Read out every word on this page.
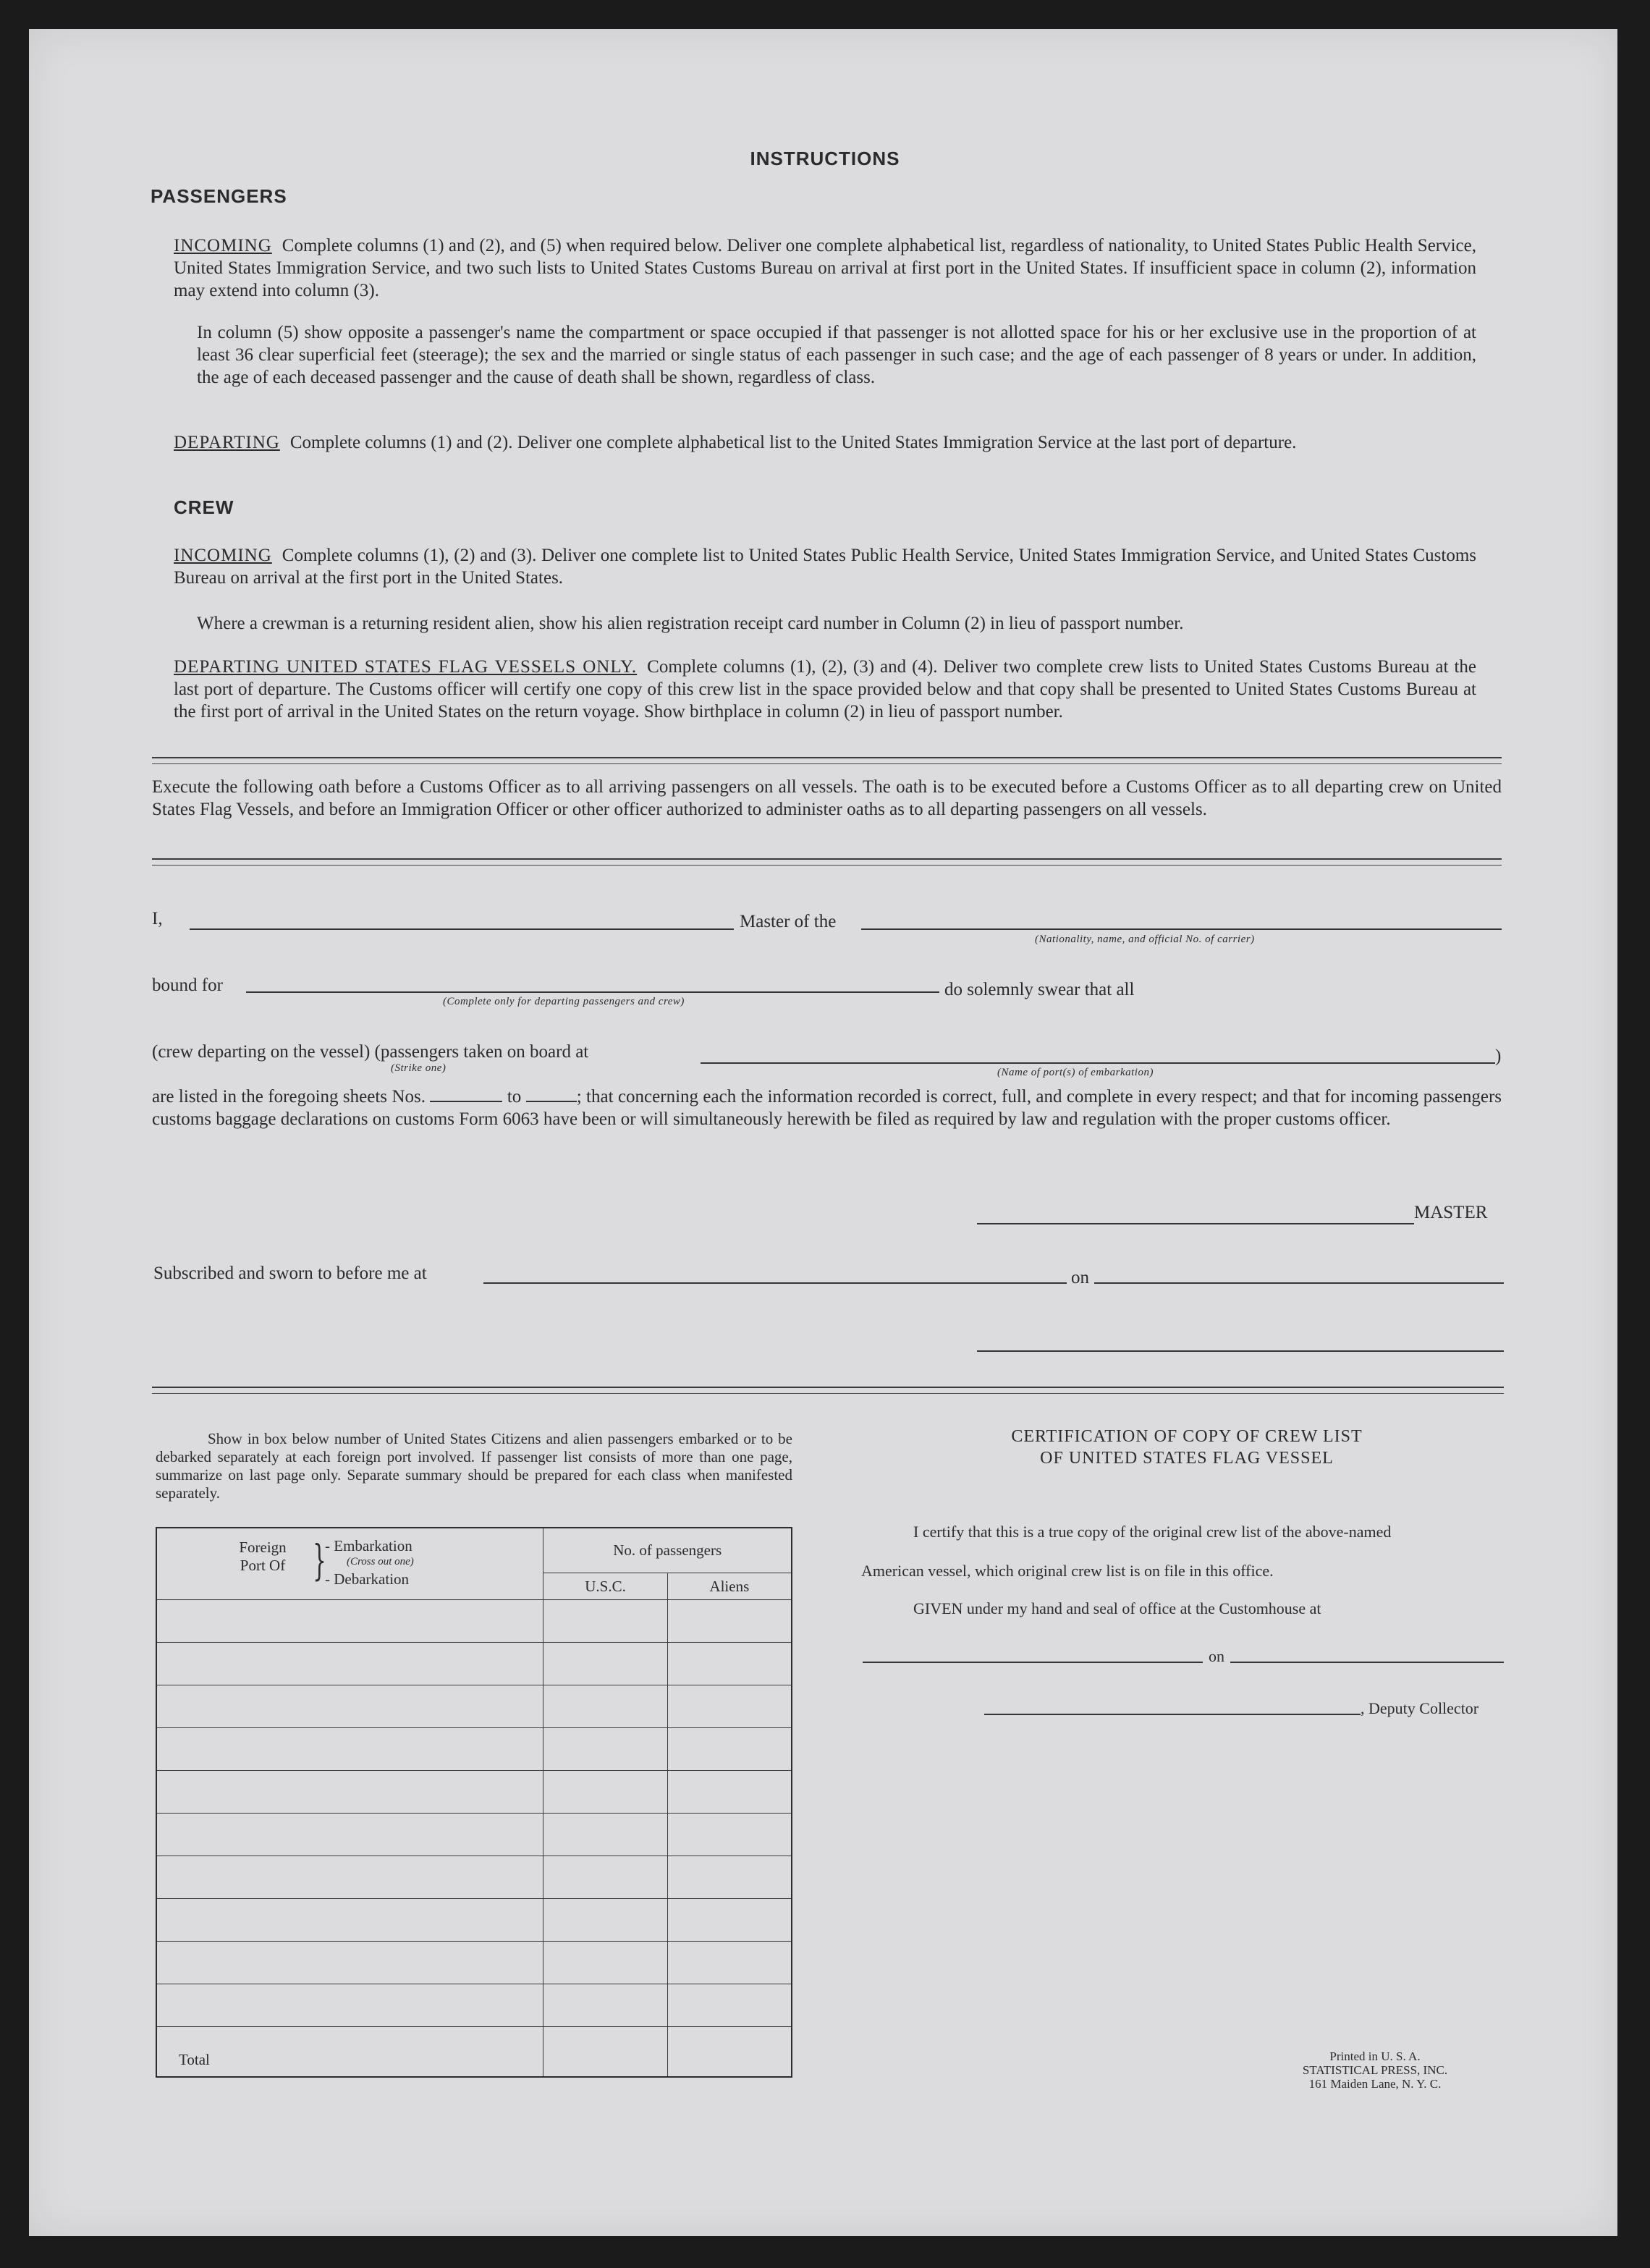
INSTRUCTIONS
PASSENGERS
INCOMING Complete columns (1) and (2), and (5) when required below. Deliver one complete alphabetical list, regardless of nationality, to United States Public Health Service, United States Immigration Service, and two such lists to United States Customs Bureau on arrival at first port in the United States. If insufficient space in column (2), information may extend into column (3).
In column (5) show opposite a passenger's name the compartment or space occupied if that passenger is not allotted space for his or her exclusive use in the proportion of at least 36 clear superficial feet (steerage); the sex and the married or single status of each passenger in such case; and the age of each passenger of 8 years or under. In addition, the age of each deceased passenger and the cause of death shall be shown, regardless of class.
DEPARTING Complete columns (1) and (2). Deliver one complete alphabetical list to the United States Immigration Service at the last port of departure.
CREW
INCOMING Complete columns (1), (2) and (3). Deliver one complete list to United States Public Health Service, United States Immigration Service, and United States Customs Bureau on arrival at the first port in the United States.
Where a crewman is a returning resident alien, show his alien registration receipt card number in Column (2) in lieu of passport number.
DEPARTING UNITED STATES FLAG VESSELS ONLY. Complete columns (1), (2), (3) and (4). Deliver two complete crew lists to United States Customs Bureau at the last port of departure. The Customs officer will certify one copy of this crew list in the space provided below and that copy shall be presented to United States Customs Bureau at the first port of arrival in the United States on the return voyage. Show birthplace in column (2) in lieu of passport number.
Execute the following oath before a Customs Officer as to all arriving passengers on all vessels. The oath is to be executed before a Customs Officer as to all departing crew on United States Flag Vessels, and before an Immigration Officer or other officer authorized to administer oaths as to all departing passengers on all vessels.
I,	Master of the
(Nationality, name, and official No. of carrier)
bound for
(Complete only for departing passengers and crew)
do solemnly swear that all
(crew departing on the vessel) (passengers taken on board at
(Strike one)	(Name of port(s) of embarkation)
)
are listed in the foregoing sheets Nos.	to	; that concerning each the information recorded is correct, full, and complete in every respect; and that for incoming passengers customs baggage declarations on customs Form 6063 have been or will simultaneously herewith be filed as required by law and regulation with the proper customs officer.
MASTER
Subscribed and sworn to before me at	on
Show in box below number of United States Citizens and alien passengers embarked or to be debarked separately at each foreign port involved. If passenger list consists of more than one page, summarize on last page only. Separate summary should be prepared for each class when manifested separately.
Foreign Port Of }
- Embarkation
(Cross out one)
- Debarkation	No. of passengers	
	U.S.C.	Aliens

Total		
CERTIFICATION OF COPY OF CREW LIST
OF UNITED STATES FLAG VESSEL
I certify that this is a true copy of the original crew list of the above-named
American vessel, which original crew list is on file in this office.
GIVEN under my hand and seal of office at the Customhouse at
on
, Deputy Collector
Printed in U. S. A.
STATISTICAL PRESS, INC.
161 Maiden Lane, N. Y. C.
